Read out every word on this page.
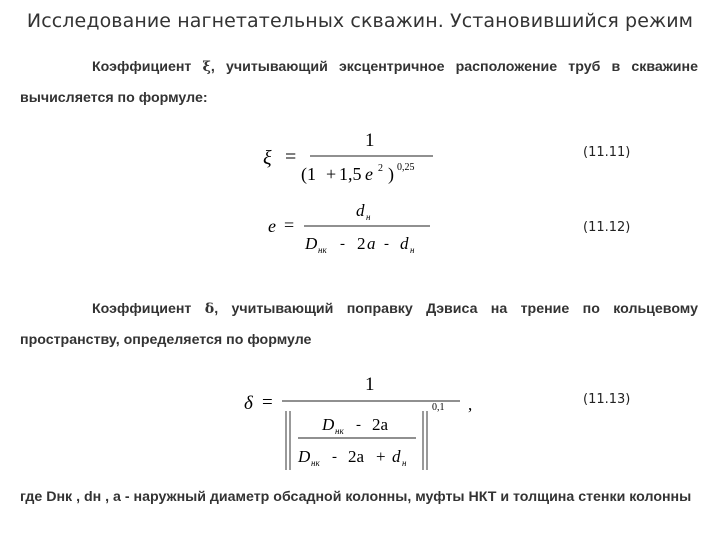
Исследование нагнетательных скважин. Установившийся режим
Коэффициент ξ, учитывающий эксцентричное расположение труб в скважине вычисляется по формуле:
ξ =
1
(1 + 1,5 e 2 ) 0,25
(11.11)
e =
d н
D нк - 2 a - d н
(11.12)
Коэффициент δ, учитывающий поправку Дэвиса на трение по кольцевому пространству, определяется по формуле
δ =
1
0,1 ,
D нк - 2a
D нк - 2a + d н
(11.13)
где Dнк , dн , а - наружный диаметр обсадной колонны, муфты НКТ и толщина стенки колонны
